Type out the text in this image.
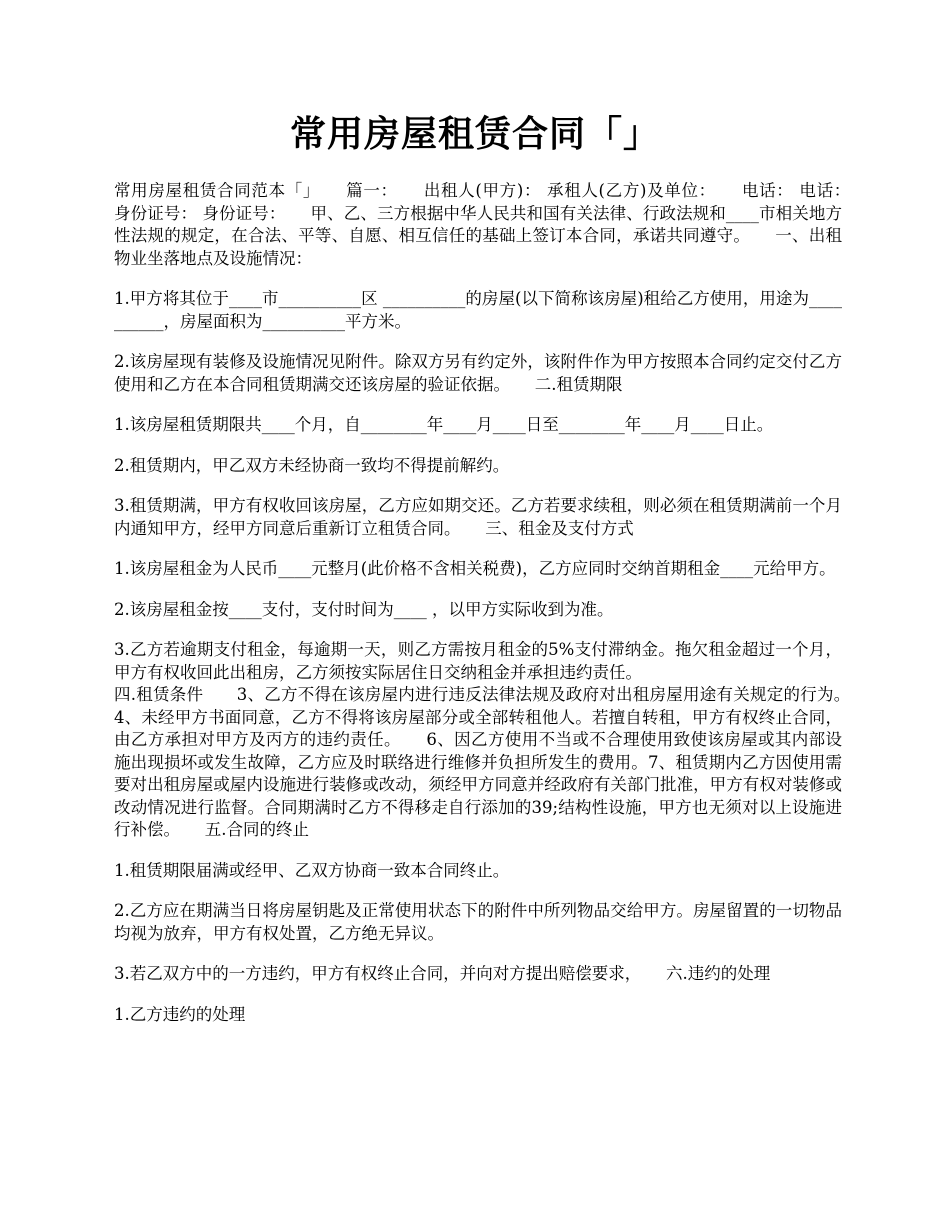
常用房屋租赁合同「」

常用房屋租赁合同范本「」　　篇一：　　出租人(甲方)： 承租人(乙方)及单位：　　电话： 电话：　　身份证号： 身份证号：　　甲、乙、三方根据中华人民共和国有关法律、行政法规和____市相关地方性法规的规定，在合法、平等、自愿、相互信任的基础上签订本合同，承诺共同遵守。　　一、出租物业坐落地点及设施情况：

1.甲方将其位于____市__________区 __________的房屋(以下简称该房屋)租给乙方使用，用途为__________，房屋面积为__________平方米。

2.该房屋现有装修及设施情况见附件。除双方另有约定外，该附件作为甲方按照本合同约定交付乙方使用和乙方在本合同租赁期满交还该房屋的验证依据。　　二.租赁期限

1.该房屋租赁期限共____个月，自________年____月____日至________年____月____日止。

2.租赁期内，甲乙双方未经协商一致均不得提前解约。

3.租赁期满，甲方有权收回该房屋，乙方应如期交还。乙方若要求续租，则必须在租赁期满前一个月内通知甲方，经甲方同意后重新订立租赁合同。　　三、租金及支付方式

1.该房屋租金为人民币____元整月(此价格不含相关税费)，乙方应同时交纳首期租金____元给甲方。

2.该房屋租金按____支付，支付时间为____ ，以甲方实际收到为准。

3.乙方若逾期支付租金，每逾期一天，则乙方需按月租金的5%支付滞纳金。拖欠租金超过一个月，甲方有权收回此出租房，乙方须按实际居住日交纳租金并承担违约责任。

四.租赁条件　　3、乙方不得在该房屋内进行违反法律法规及政府对出租房屋用途有关规定的行为。　　4、未经甲方书面同意，乙方不得将该房屋部分或全部转租他人。若擅自转租，甲方有权终止合同，由乙方承担对甲方及丙方的违约责任。　　6、因乙方使用不当或不合理使用致使该房屋或其内部设施出现损坏或发生故障，乙方应及时联络进行维修并负担所发生的费用。7、租赁期内乙方因使用需要对出租房屋或屋内设施进行装修或改动，须经甲方同意并经政府有关部门批准，甲方有权对装修或改动情况进行监督。合同期满时乙方不得移走自行添加的39;结构性设施，甲方也无须对以上设施进行补偿。　　五.合同的终止

1.租赁期限届满或经甲、乙双方协商一致本合同终止。

2.乙方应在期满当日将房屋钥匙及正常使用状态下的附件中所列物品交给甲方。房屋留置的一切物品均视为放弃，甲方有权处置，乙方绝无异议。

3.若乙双方中的一方违约，甲方有权终止合同，并向对方提出赔偿要求，　　六.违约的处理

1.乙方违约的处理
